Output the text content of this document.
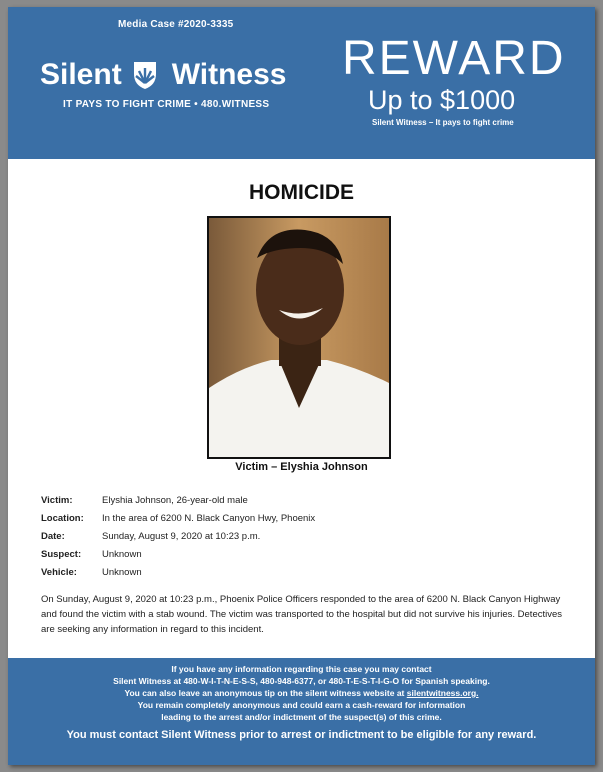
Media Case #2020-3335
Silent Witness
IT PAYS TO FIGHT CRIME • 480.WITNESS
REWARD
Up to $1000
Silent Witness – It pays to fight crime
HOMICIDE
Victim – Elyshia Johnson
Victim:	Elyshia Johnson, 26-year-old male
Location:	In the area of 6200 N. Black Canyon Hwy, Phoenix
Date:	Sunday, August 9, 2020 at 10:23 p.m.
Suspect:	Unknown
Vehicle:	Unknown
On Sunday, August 9, 2020 at 10:23 p.m., Phoenix Police Officers responded to the area of 6200 N. Black Canyon Highway and found the victim with a stab wound. The victim was transported to the hospital but did not survive his injuries. Detectives are seeking any information in regard to this incident.
If you have any information regarding this case you may contact
Silent Witness at 480-W-I-T-N-E-S-S, 480-948-6377, or 480-T-E-S-T-I-G-O for Spanish speaking.
You can also leave an anonymous tip on the silent witness website at silentwitness.org.
You remain completely anonymous and could earn a cash-reward for information
leading to the arrest and/or indictment of the suspect(s) of this crime.
You must contact Silent Witness prior to arrest or indictment to be eligible for any reward.
